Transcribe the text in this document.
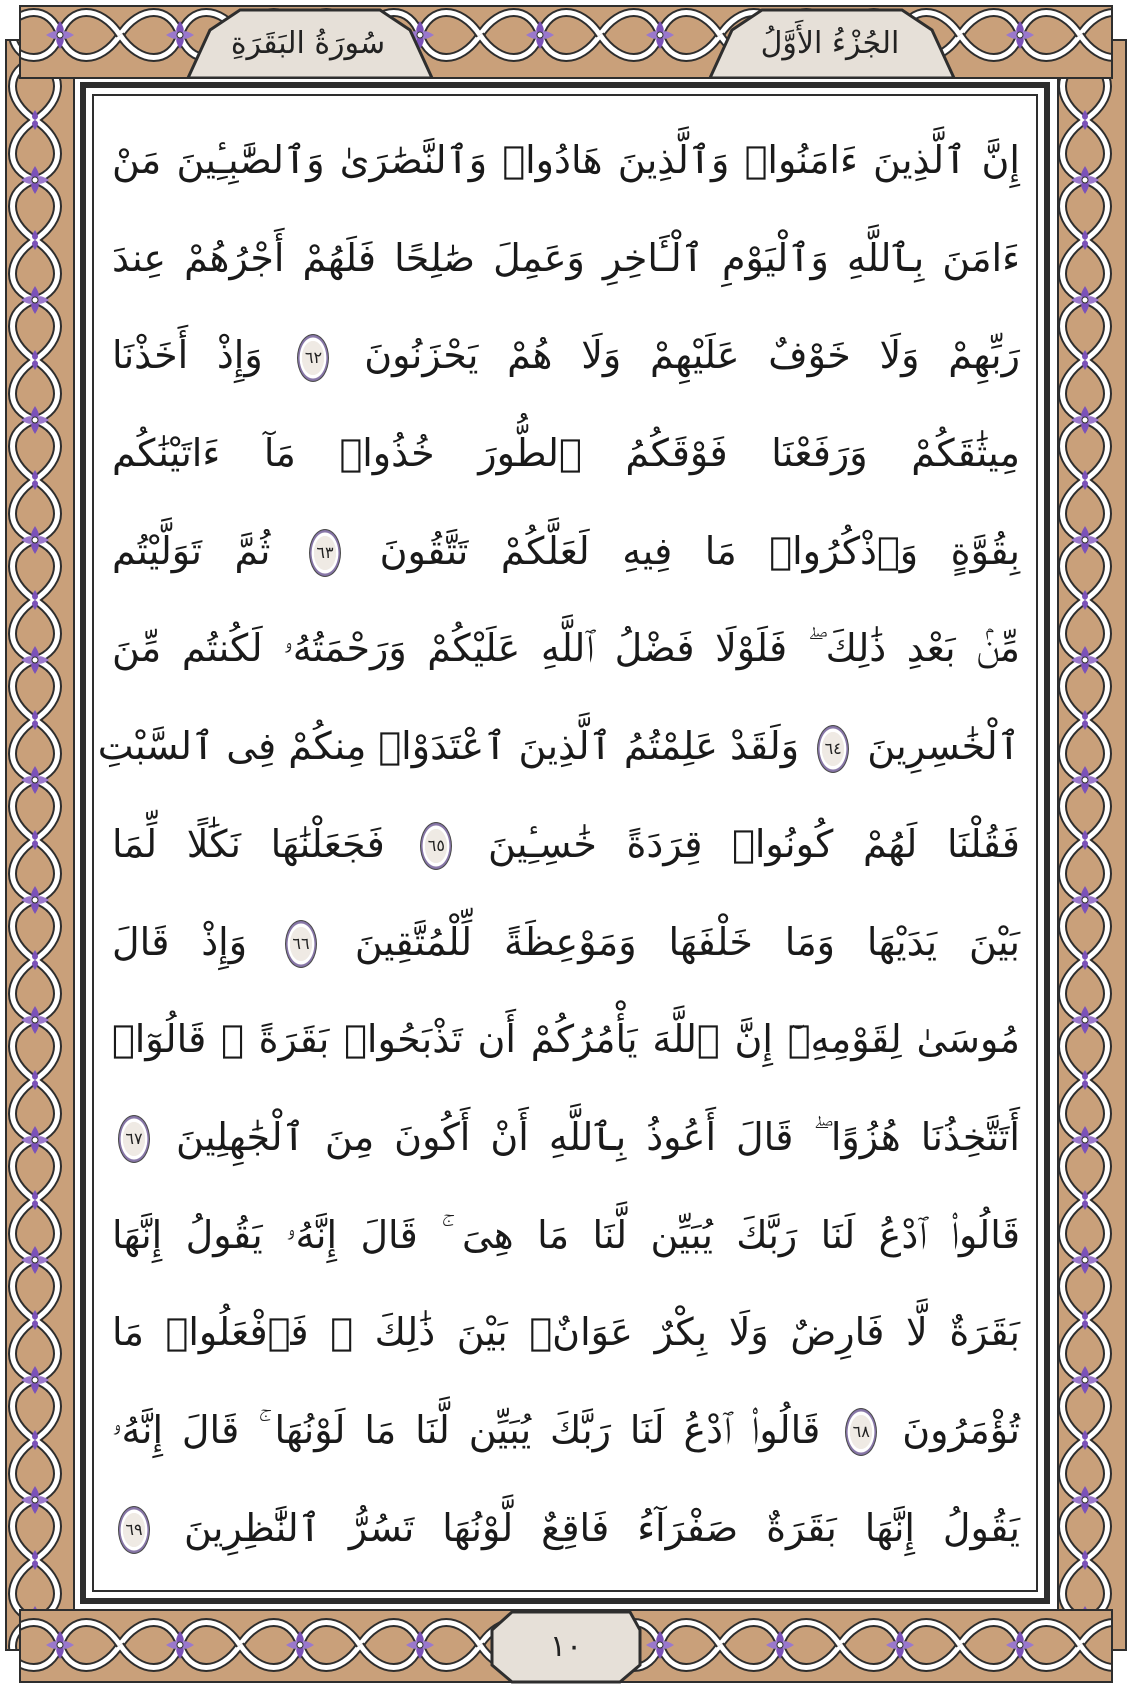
سُورَةُ البَقَرَةِ	الجُزْءُ الأَوَّلُ
إِنَّ ٱلَّذِينَ ءَامَنُوا۟ وَٱلَّذِينَ هَادُوا۟ وَٱلنَّصَٰرَىٰ وَٱلصَّٰبِـِٔينَ مَنْ
ءَامَنَ بِٱللَّهِ وَٱلْيَوْمِ ٱلْـَٔاخِرِ وَعَمِلَ صَٰلِحًا فَلَهُمْ أَجْرُهُمْ عِندَ
رَبِّهِمْ وَلَا خَوْفٌ عَلَيْهِمْ وَلَا هُمْ يَحْزَنُونَ ٦٢ وَإِذْ أَخَذْنَا
مِيثَٰقَكُمْ وَرَفَعْنَا فَوْقَكُمُ ٱلطُّورَ خُذُوا۟ مَآ ءَاتَيْنَٰكُم
بِقُوَّةٍ وَٱذْكُرُوا۟ مَا فِيهِ لَعَلَّكُمْ تَتَّقُونَ ٦٣ ثُمَّ تَوَلَّيْتُم
مِّنۢ بَعْدِ ذَٰلِكَ ۖ فَلَوْلَا فَضْلُ ٱللَّهِ عَلَيْكُمْ وَرَحْمَتُهُۥ لَكُنتُم مِّنَ
ٱلْخَٰسِرِينَ ٦٤ وَلَقَدْ عَلِمْتُمُ ٱلَّذِينَ ٱعْتَدَوْا۟ مِنكُمْ فِى ٱلسَّبْتِ
فَقُلْنَا لَهُمْ كُونُوا۟ قِرَدَةً خَٰسِـِٔينَ ٦٥ فَجَعَلْنَٰهَا نَكَٰلًا لِّمَا
بَيْنَ يَدَيْهَا وَمَا خَلْفَهَا وَمَوْعِظَةً لِّلْمُتَّقِينَ ٦٦ وَإِذْ قَالَ
مُوسَىٰ لِقَوْمِهِۦٓ إِنَّ ٱللَّهَ يَأْمُرُكُمْ أَن تَذْبَحُوا۟ بَقَرَةً ۖ قَالُوٓا۟
أَتَتَّخِذُنَا هُزُوًا ۖ قَالَ أَعُوذُ بِٱللَّهِ أَنْ أَكُونَ مِنَ ٱلْجَٰهِلِينَ ٦٧
قَالُوا۟ ٱدْعُ لَنَا رَبَّكَ يُبَيِّن لَّنَا مَا هِىَ ۚ قَالَ إِنَّهُۥ يَقُولُ إِنَّهَا
بَقَرَةٌ لَّا فَارِضٌ وَلَا بِكْرٌ عَوَانٌۢ بَيْنَ ذَٰلِكَ ۖ فَٱفْعَلُوا۟ مَا
تُؤْمَرُونَ ٦٨ قَالُوا۟ ٱدْعُ لَنَا رَبَّكَ يُبَيِّن لَّنَا مَا لَوْنُهَا ۚ قَالَ إِنَّهُۥ
يَقُولُ إِنَّهَا بَقَرَةٌ صَفْرَآءُ فَاقِعٌ لَّوْنُهَا تَسُرُّ ٱلنَّٰظِرِينَ ٦٩
١٠
